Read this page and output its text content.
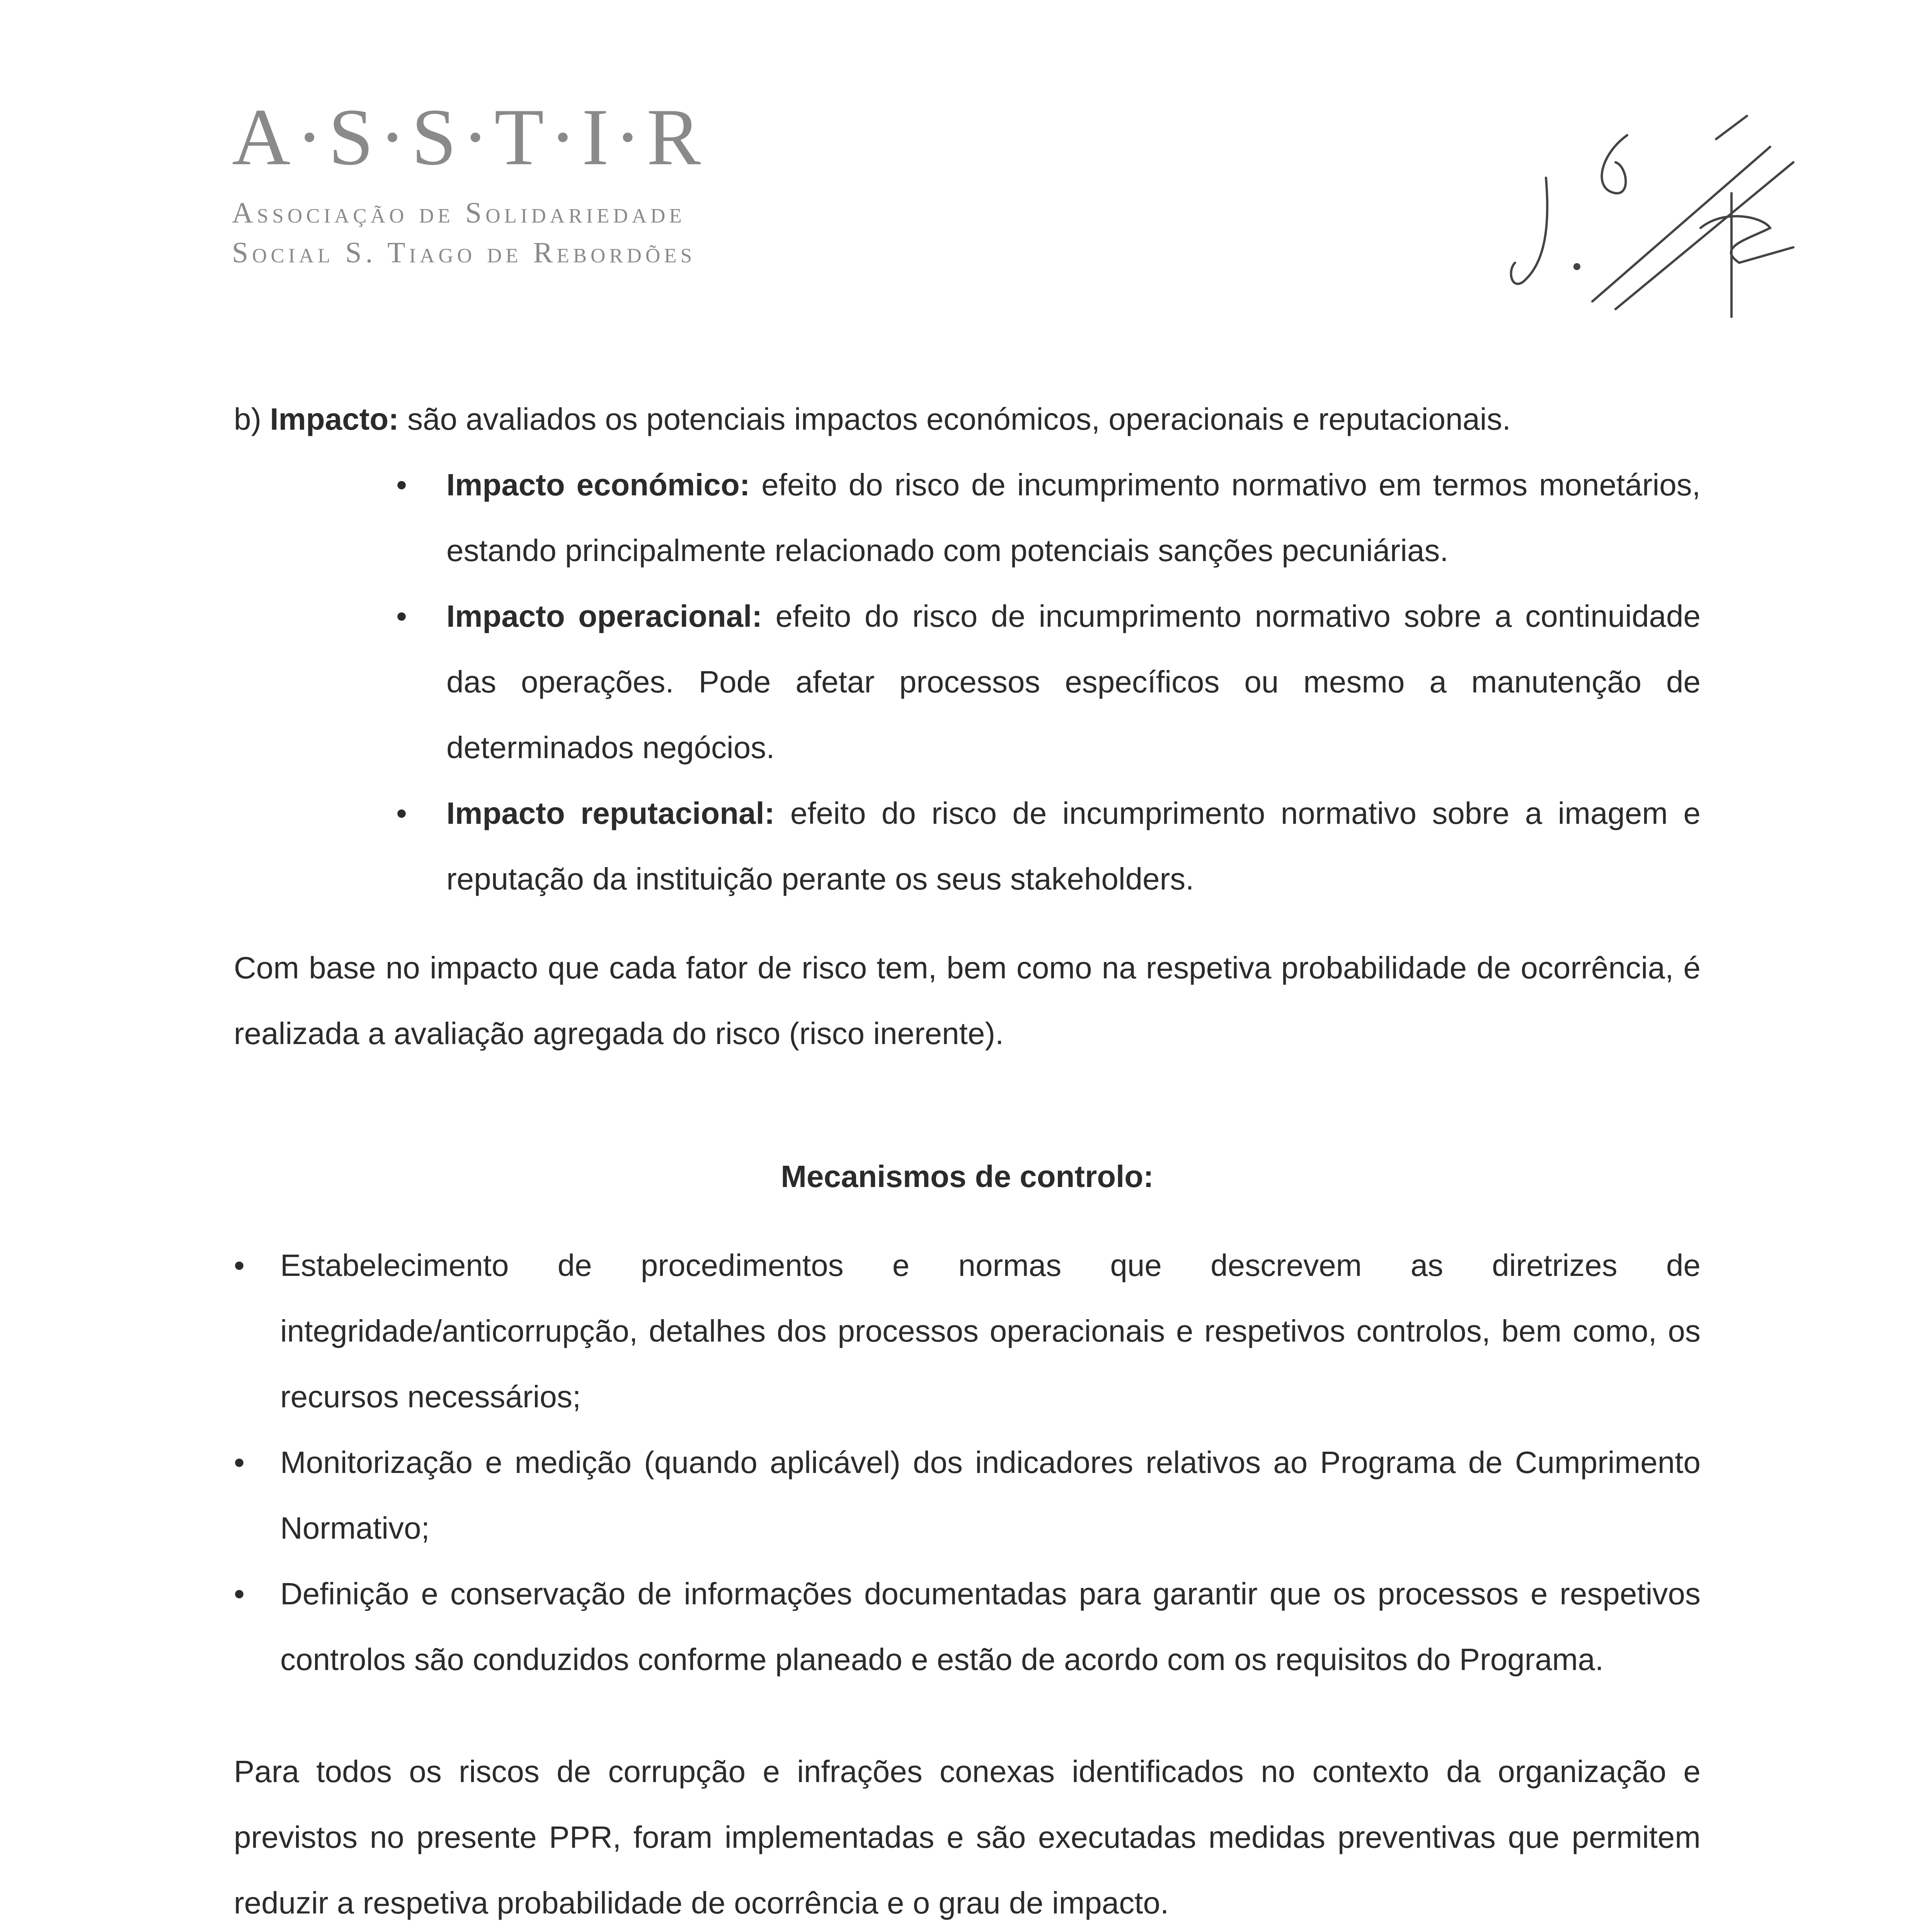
A·S·S·T·I·R
Associação de Solidariedade
Social S. Tiago de Rebordões

b) Impacto: são avaliados os potenciais impactos económicos, operacionais e reputacionais.

• Impacto económico: efeito do risco de incumprimento normativo em termos monetários, estando principalmente relacionado com potenciais sanções pecuniárias.
• Impacto operacional: efeito do risco de incumprimento normativo sobre a continuidade das operações. Pode afetar processos específicos ou mesmo a manutenção de determinados negócios.
• Impacto reputacional: efeito do risco de incumprimento normativo sobre a imagem e reputação da instituição perante os seus stakeholders.

Com base no impacto que cada fator de risco tem, bem como na respetiva probabilidade de ocorrência, é realizada a avaliação agregada do risco (risco inerente).

Mecanismos de controlo:

• Estabelecimento de procedimentos e normas que descrevem as diretrizes de integridade/anticorrupção, detalhes dos processos operacionais e respetivos controlos, bem como, os recursos necessários;
• Monitorização e medição (quando aplicável) dos indicadores relativos ao Programa de Cumprimento Normativo;
• Definição e conservação de informações documentadas para garantir que os processos e respetivos controlos são conduzidos conforme planeado e estão de acordo com os requisitos do Programa.

Para todos os riscos de corrupção e infrações conexas identificados no contexto da organização e previstos no presente PPR, foram implementadas e são executadas medidas preventivas que permitem reduzir a respetiva probabilidade de ocorrência e o grau de impacto.
